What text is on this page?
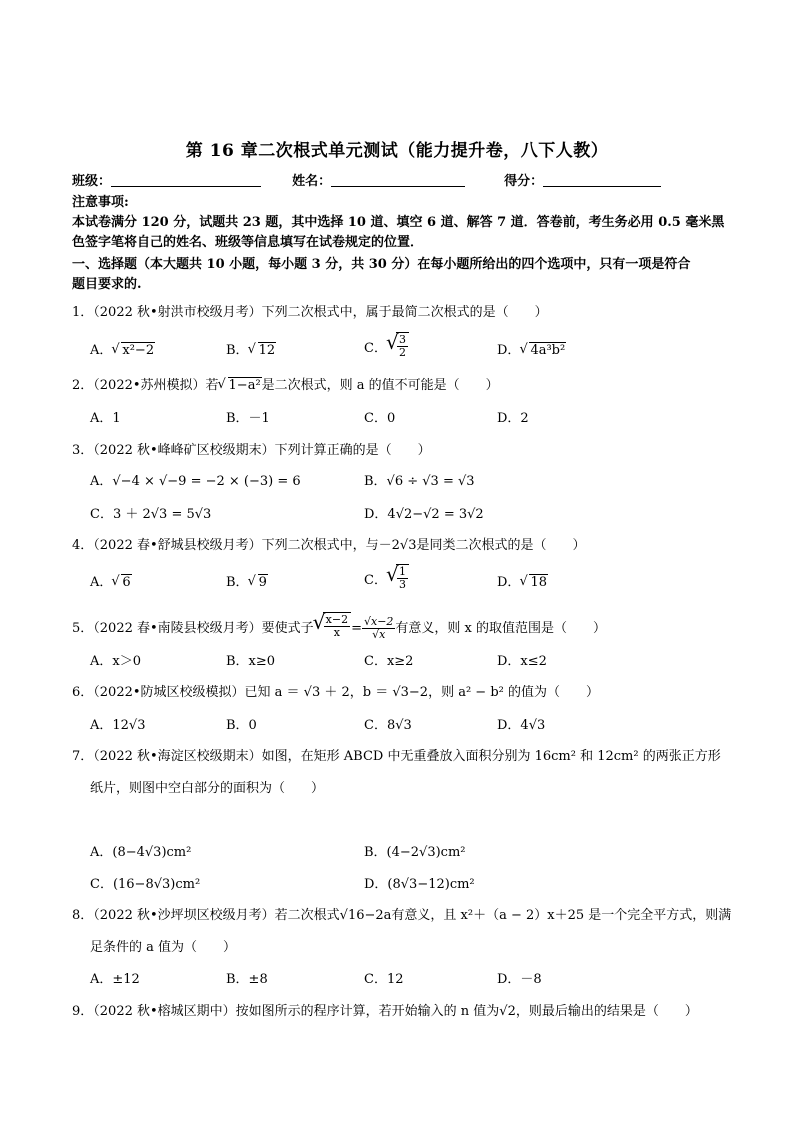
第 16 章二次根式单元测试（能力提升卷，八下人教）
班级：	姓名：	得分：
注意事项:
本试卷满分 120 分，试题共 23 题，其中选择 10 道、填空 6 道、解答 7 道．答卷前，考生务必用 0.5 毫米黑
色签字笔将自己的姓名、班级等信息填写在试卷规定的位置．
一、选择题（本大题共 10 小题，每小题 3 分，共 30 分）在每小题所给出的四个选项中，只有一项是符合
题目要求的.
1．（2022 秋•射洪市校级月考）下列二次根式中，属于最简二次根式的是（　　）
A． √ x²−2	B． √ 12	C． √ $\frac{3}{2}$	D． √ 4a³b²
2．（2022•苏州模拟）若 √ 1−a²是二次根式，则 a 的值不可能是（　　）
A．1	B．－1	C．0	D．2
3．（2022 秋•峰峰矿区校级期末）下列计算正确的是（　　）
A．√−4 × √−9 = −2 × (−3) = 6	B．√6 ÷ √3 = √3
C．3 ＋ 2√3 = 5√3	D．4√2−√2 = 3√2
4．（2022 春•舒城县校级月考）下列二次根式中，与－2√3是同类二次根式的是（　　）
A． √ 6	B． √ 9	C． √ $\frac{1}{3}$	D． √ 18
5．（2022 春•南陵县校级月考）要使式子 √ $\frac{x-2}{x} = \frac{√x-2}{√x}$ 有意义，则 x 的取值范围是（　　）
A．x＞0	B．x≥0	C．x≥2	D．x≤2
6．（2022•防城区校级模拟）已知 a ＝ √3 ＋ 2，b ＝ √3−2，则 a² − b² 的值为（　　）
A．12√3	B．0	C．8√3	D．4√3
7．（2022 秋•海淀区校级期末）如图，在矩形 ABCD 中无重叠放入面积分别为 16cm² 和 12cm² 的两张正方形
纸片，则图中空白部分的面积为（　　）
A．(8−4√3)cm²	B．(4−2√3)cm²
C．(16−8√3)cm²	D．(8√3−12)cm²
8．（2022 秋•沙坪坝区校级月考）若二次根式√16−2a有意义，且 x²＋（a − 2）x＋25 是一个完全平方式，则满
足条件的 a 值为（　　）
A．±12	B．±8	C．12	D．－8
9．（2022 秋•榕城区期中）按如图所示的程序计算，若开始输入的 n 值为√2，则最后输出的结果是（　　）
